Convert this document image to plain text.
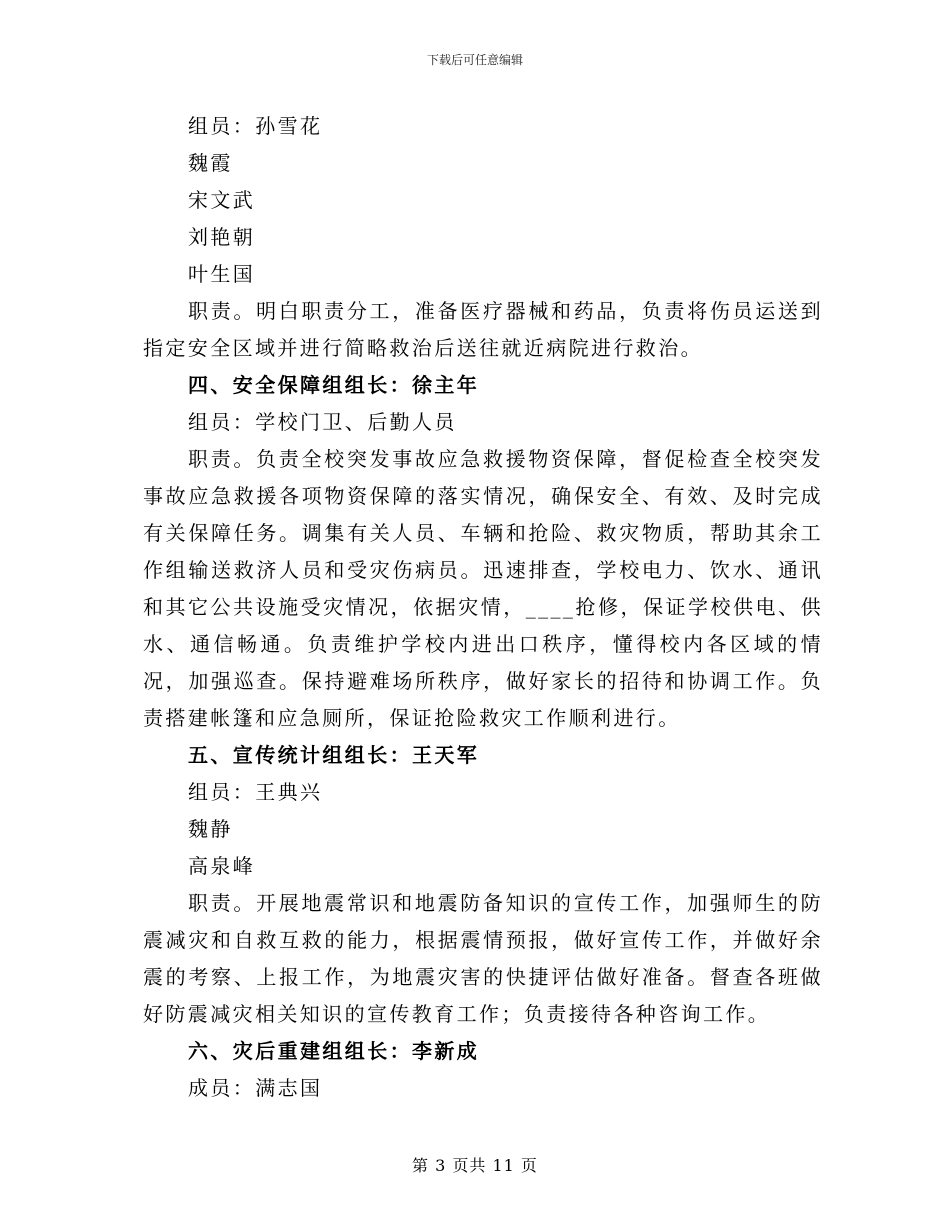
下载后可任意编辑
组员：孙雪花
魏霞
宋文武
刘艳朝
叶生国

职责。明白职责分工，准备医疗器械和药品，负责将伤员运送到指定安全区域并进行简略救治后送往就近病院进行救治。

四、安全保障组组长：徐主年
组员：学校门卫、后勤人员

职责。负责全校突发事故应急救援物资保障，督促检查全校突发事故应急救援各项物资保障的落实情况，确保安全、有效、及时完成有关保障任务。调集有关人员、车辆和抢险、救灾物质，帮助其余工作组输送救济人员和受灾伤病员。迅速排查，学校电力、饮水、通讯和其它公共设施受灾情况，依据灾情，____抢修，保证学校供电、供水、通信畅通。负责维护学校内进出口秩序，懂得校内各区域的情况，加强巡查。保持避难场所秩序，做好家长的招待和协调工作。负责搭建帐篷和应急厕所，保证抢险救灾工作顺利进行。

五、宣传统计组组长：王天军
组员：王典兴
魏静
高泉峰

职责。开展地震常识和地震防备知识的宣传工作，加强师生的防震减灾和自救互救的能力，根据震情预报，做好宣传工作，并做好余震的考察、上报工作，为地震灾害的快捷评估做好准备。督查各班做好防震减灾相关知识的宣传教育工作；负责接待各种咨询工作。

六、灾后重建组组长：李新成
成员：满志国
第 3 页共 11 页
